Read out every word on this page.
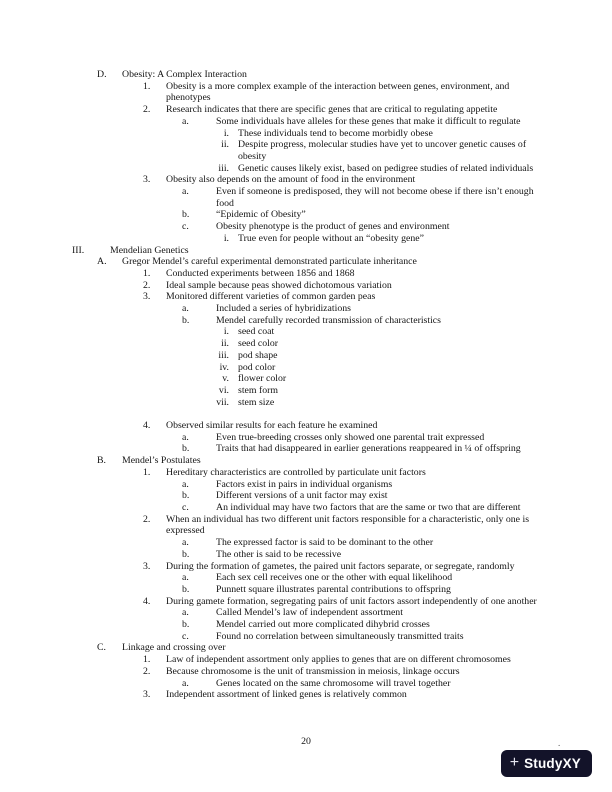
D.	Obesity: A Complex Interaction
1.	Obesity is a more complex example of the interaction between genes, environment, and phenotypes
2.	Research indicates that there are specific genes that are critical to regulating appetite
a.	Some individuals have alleles for these genes that make it difficult to regulate
i. These individuals tend to become morbidly obese
ii. Despite progress, molecular studies have yet to uncover genetic causes of obesity
iii. Genetic causes likely exist, based on pedigree studies of related individuals
3.	Obesity also depends on the amount of food in the environment
a.	Even if someone is predisposed, they will not become obese if there isn’t enough food
b.	“Epidemic of Obesity”
c.	Obesity phenotype is the product of genes and environment
i. True even for people without an “obesity gene”
III.	Mendelian Genetics
A.	Gregor Mendel’s careful experimental demonstrated particulate inheritance
1.	Conducted experiments between 1856 and 1868
2.	Ideal sample because peas showed dichotomous variation
3.	Monitored different varieties of common garden peas
a.	Included a series of hybridizations
b.	Mendel carefully recorded transmission of characteristics
i. seed coat
ii. seed color
iii. pod shape
iv. pod color
v. flower color
vi. stem form
vii. stem size
4.	Observed similar results for each feature he examined
a.	Even true-breeding crosses only showed one parental trait expressed
b.	Traits that had disappeared in earlier generations reappeared in ¼ of offspring
B.	Mendel’s Postulates
1.	Hereditary characteristics are controlled by particulate unit factors
a.	Factors exist in pairs in individual organisms
b.	Different versions of a unit factor may exist
c.	An individual may have two factors that are the same or two that are different
2.	When an individual has two different unit factors responsible for a characteristic, only one is expressed
a.	The expressed factor is said to be dominant to the other
b.	The other is said to be recessive
3.	During the formation of gametes, the paired unit factors separate, or segregate, randomly
a.	Each sex cell receives one or the other with equal likelihood
b.	Punnett square illustrates parental contributions to offspring
4.	During gamete formation, segregating pairs of unit factors assort independently of one another
a.	Called Mendel’s law of independent assortment
b.	Mendel carried out more complicated dihybrid crosses
c.	Found no correlation between simultaneously transmitted traits
C.	Linkage and crossing over
1.	Law of independent assortment only applies to genes that are on different chromosomes
2.	Because chromosome is the unit of transmission in meiosis, linkage occurs
a.	Genes located on the same chromosome will travel together
3.	Independent assortment of linked genes is relatively common
20	.
+ StudyXY
